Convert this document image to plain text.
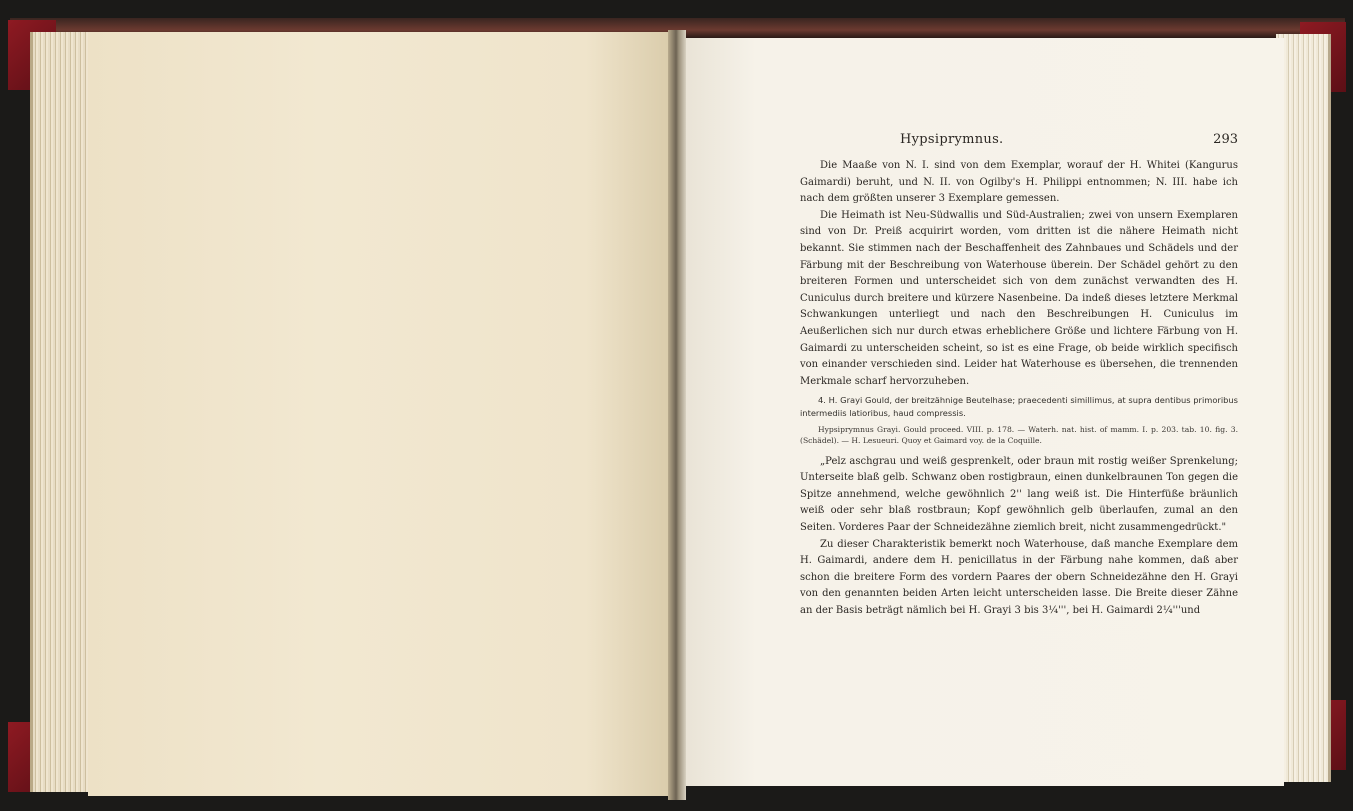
Hypsiprymnus.	293

Die Maaße von N. I. sind von dem Exemplar, worauf der H. Whitei (Kangurus Gaimardi) beruht, und N. II. von Ogilby's H. Philippi entnommen; N. III. habe ich nach dem größten unserer 3 Exemplare gemessen.

Die Heimath ist Neu-Südwallis und Süd-Australien; zwei von unsern Exemplaren sind von Dr. Preiß acquirirt worden, vom dritten ist die nähere Heimath nicht bekannt. Sie stimmen nach der Beschaffenheit des Zahnbaues und Schädels und der Färbung mit der Beschreibung von Waterhouse überein. Der Schädel gehört zu den breiteren Formen und unterscheidet sich von dem zunächst verwandten des H. Cuniculus durch breitere und kürzere Nasenbeine. Da indeß dieses letztere Merkmal Schwankungen unterliegt und nach den Beschreibungen H. Cuniculus im Aeußerlichen sich nur durch etwas erheblichere Größe und lichtere Färbung von H. Gaimardi zu unterscheiden scheint, so ist es eine Frage, ob beide wirklich specifisch von einander verschieden sind. Leider hat Waterhouse es übersehen, die trennenden Merkmale scharf hervorzuheben.

4. H. Grayi Gould, der breitzähnige Beutelhase; praecedenti simillimus, at supra dentibus primoribus intermediis latioribus, haud compressis.

Hypsiprymnus Grayi. Gould proceed. VIII. p. 178. — Waterh. nat. hist. of mamm. I. p. 203. tab. 10. fig. 3. (Schädel). — H. Lesueuri. Quoy et Gaimard voy. de la Coquille.

„Pelz aschgrau und weiß gesprenkelt, oder braun mit rostig weißer Sprenkelung; Unterseite blaß gelb. Schwanz oben rostigbraun, einen dunkelbraunen Ton gegen die Spitze annehmend, welche gewöhnlich 2'' lang weiß ist. Die Hinterfüße bräunlich weiß oder sehr blaß rostbraun; Kopf gewöhnlich gelb überlaufen, zumal an den Seiten. Vorderes Paar der Schneidezähne ziemlich breit, nicht zusammengedrückt."

Zu dieser Charakteristik bemerkt noch Waterhouse, daß manche Exemplare dem H. Gaimardi, andere dem H. penicillatus in der Färbung nahe kommen, daß aber schon die breitere Form des vordern Paares der obern Schneidezähne den H. Grayi von den genannten beiden Arten leicht unterscheiden lasse. Die Breite dieser Zähne an der Basis beträgt nämlich bei H. Grayi 3 bis 3¼''', bei H. Gaimardi 2¼'''und
